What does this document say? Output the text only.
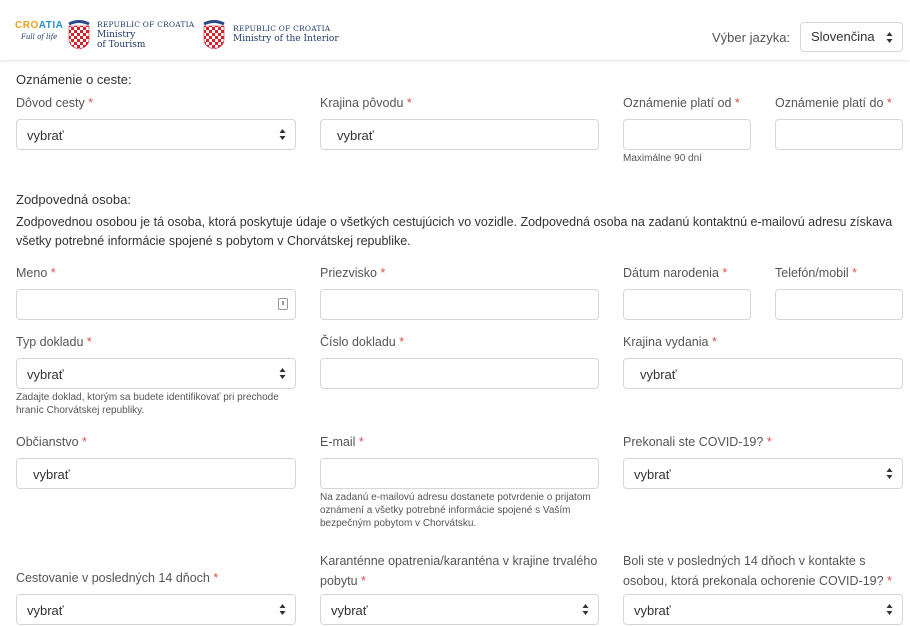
CROATIA
Full of life
REPUBLIC OF CROATIA
Ministry
of Tourism
REPUBLIC OF CROATIA
Ministry of the Interior	Výber jazyka:	Slovenčina
Oznámenie o ceste:
Dôvod cesty *
vybrať
Krajina pôvodu *
vybrať
Oznámenie platí od *
Maximálne 90 dní
Oznámenie platí do *
Zodpovedná osoba:
Zodpovednou osobou je tá osoba, ktorá poskytuje údaje o všetkých cestujúcich vo vozidle. Zodpovedná osoba na zadanú kontaktnú e-mailovú adresu získava všetky potrebné informácie spojené s pobytom v Chorvátskej republike.
Meno *	Priezvisko *	Dátum narodenia *	Telefón/mobil *
Typ dokladu *
vybrať
Zadajte doklad, ktorým sa budete identifikovať pri prechode hraníc Chorvátskej republiky.
Číslo dokladu *	Krajina vydania *
vybrať
Občianstvo *
vybrať
E-mail *
Na zadanú e-mailovú adresu dostanete potvrdenie o prijatom oznámení a všetky potrebné informácie spojené s Vaším bezpečným pobytom v Chorvátsku.
Prekonali ste COVID-19? *
vybrať
Cestovanie v posledných 14 dňoch *
vybrať
Karanténne opatrenia/karanténa v krajine trvalého pobytu *
vybrať
Boli ste v posledných 14 dňoch v kontakte s osobou, ktorá prekonala ochorenie COVID-19? *
vybrať
